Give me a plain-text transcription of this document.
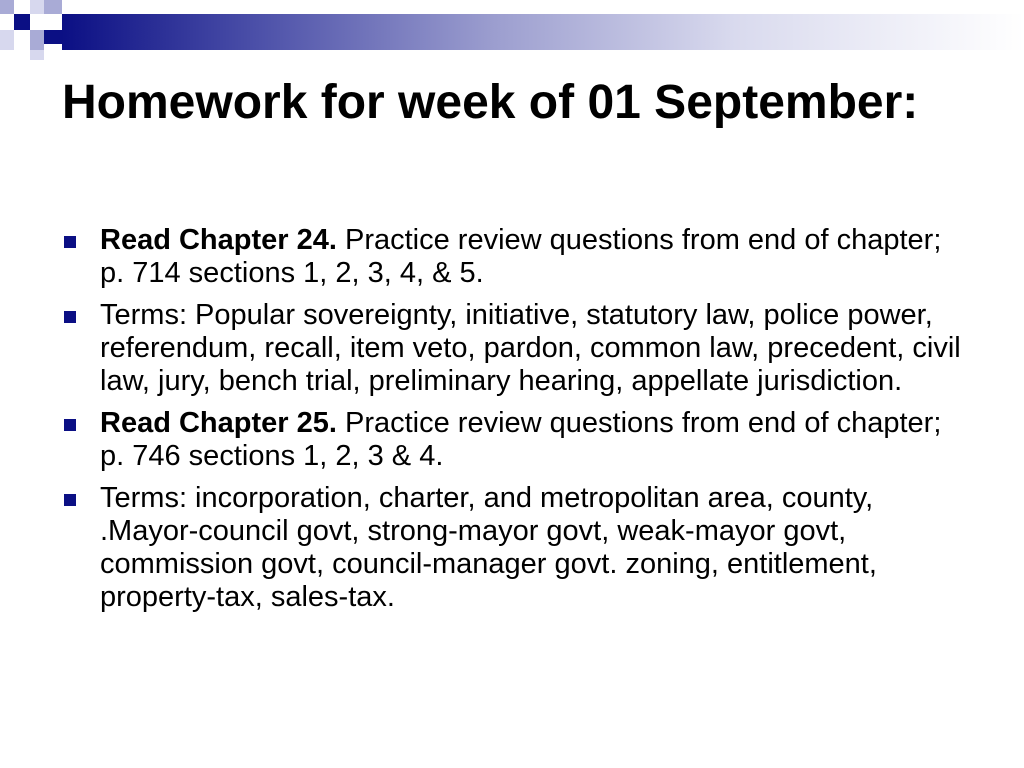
Homework for week of 01 September:
Read Chapter 24. Practice review questions from end of chapter; p. 714 sections 1, 2, 3, 4, & 5.
Terms: Popular sovereignty, initiative, statutory law, police power, referendum, recall, item veto, pardon, common law, precedent, civil law, jury, bench trial, preliminary hearing, appellate jurisdiction.
Read Chapter 25. Practice review questions from end of chapter; p. 746 sections 1, 2, 3 & 4.
Terms: incorporation, charter, and metropolitan area, county, .Mayor-council govt, strong-mayor govt, weak-mayor govt, commission govt, council-manager govt. zoning, entitlement, property-tax, sales-tax.
